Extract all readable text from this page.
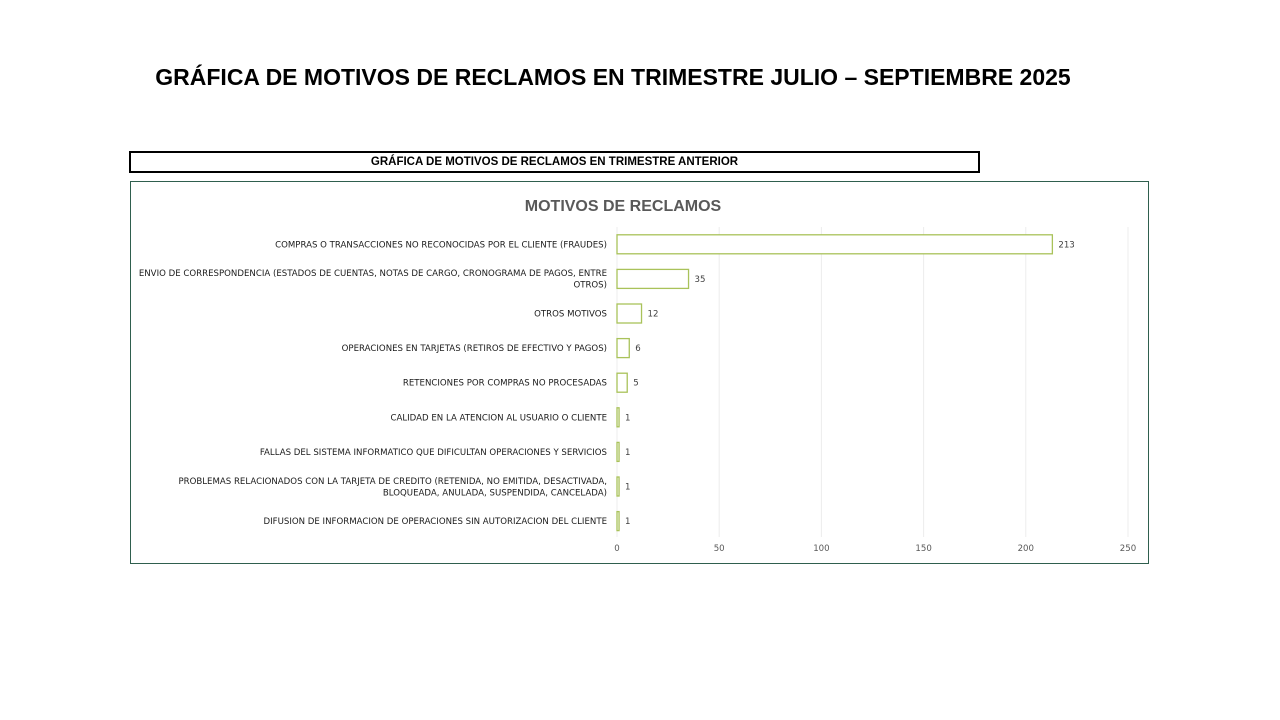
GRÁFICA DE MOTIVOS DE RECLAMOS EN TRIMESTRE JULIO – SEPTIEMBRE 2025
GRÁFICA DE MOTIVOS DE RECLAMOS EN TRIMESTRE ANTERIOR
MOTIVOS DE RECLAMOS
COMPRAS O TRANSACCIONES NO RECONOCIDAS POR EL CLIENTE (FRAUDES)
ENVIO DE CORRESPONDENCIA (ESTADOS DE CUENTAS, NOTAS DE CARGO, CRONOGRAMA DE PAGOS, ENTRE OTROS)
OTROS MOTIVOS
OPERACIONES EN TARJETAS (RETIROS DE EFECTIVO Y PAGOS)
RETENCIONES POR COMPRAS NO PROCESADAS
CALIDAD EN LA ATENCION AL USUARIO O CLIENTE
FALLAS DEL SISTEMA INFORMATICO QUE DIFICULTAN OPERACIONES Y SERVICIOS
PROBLEMAS RELACIONADOS CON LA TARJETA DE CREDITO (RETENIDA, NO EMITIDA, DESACTIVADA, BLOQUEADA, ANULADA, SUSPENDIDA, CANCELADA)
DIFUSION DE INFORMACION DE OPERACIONES SIN AUTORIZACION DEL CLIENTE
213
35
12
6
5
1
1
1
1
0	50	100	150	200	250
